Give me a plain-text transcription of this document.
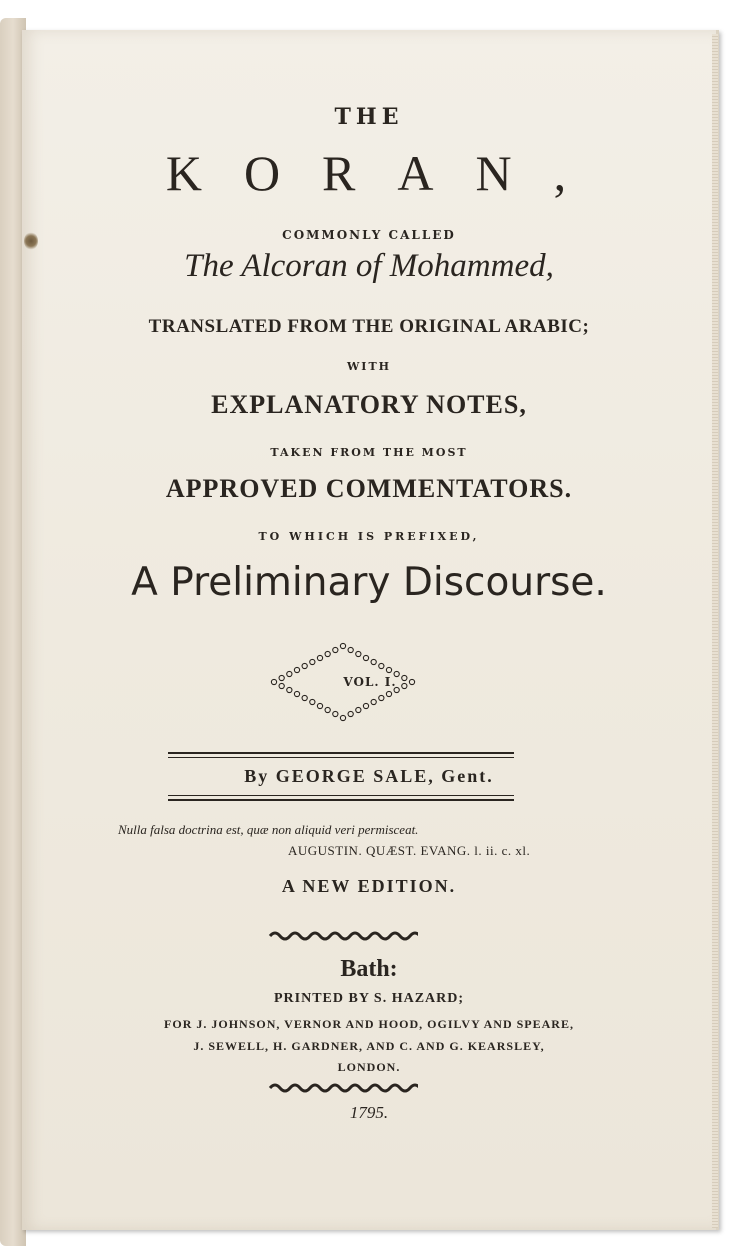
THE
KORAN,
COMMONLY CALLED
The Alcoran of Mohammed,
TRANSLATED FROM THE ORIGINAL ARABIC;
WITH
EXPLANATORY NOTES,
TAKEN FROM THE MOST
APPROVED COMMENTATORS.
TO WHICH IS PREFIXED,
A Preliminary Discourse.
VOL. I.
By GEORGE SALE, Gent.
Nulla falsa doctrina est, quæ non aliquid veri permisceat.
AUGUSTIN. QUÆST. EVANG. l. ii. c. xl.
A NEW EDITION.
Bath:
PRINTED BY S. HAZARD;
FOR J. JOHNSON, VERNOR AND HOOD, OGILVY AND SPEARE,
J. SEWELL, H. GARDNER, AND C. AND G. KEARSLEY,
LONDON.
1795.
